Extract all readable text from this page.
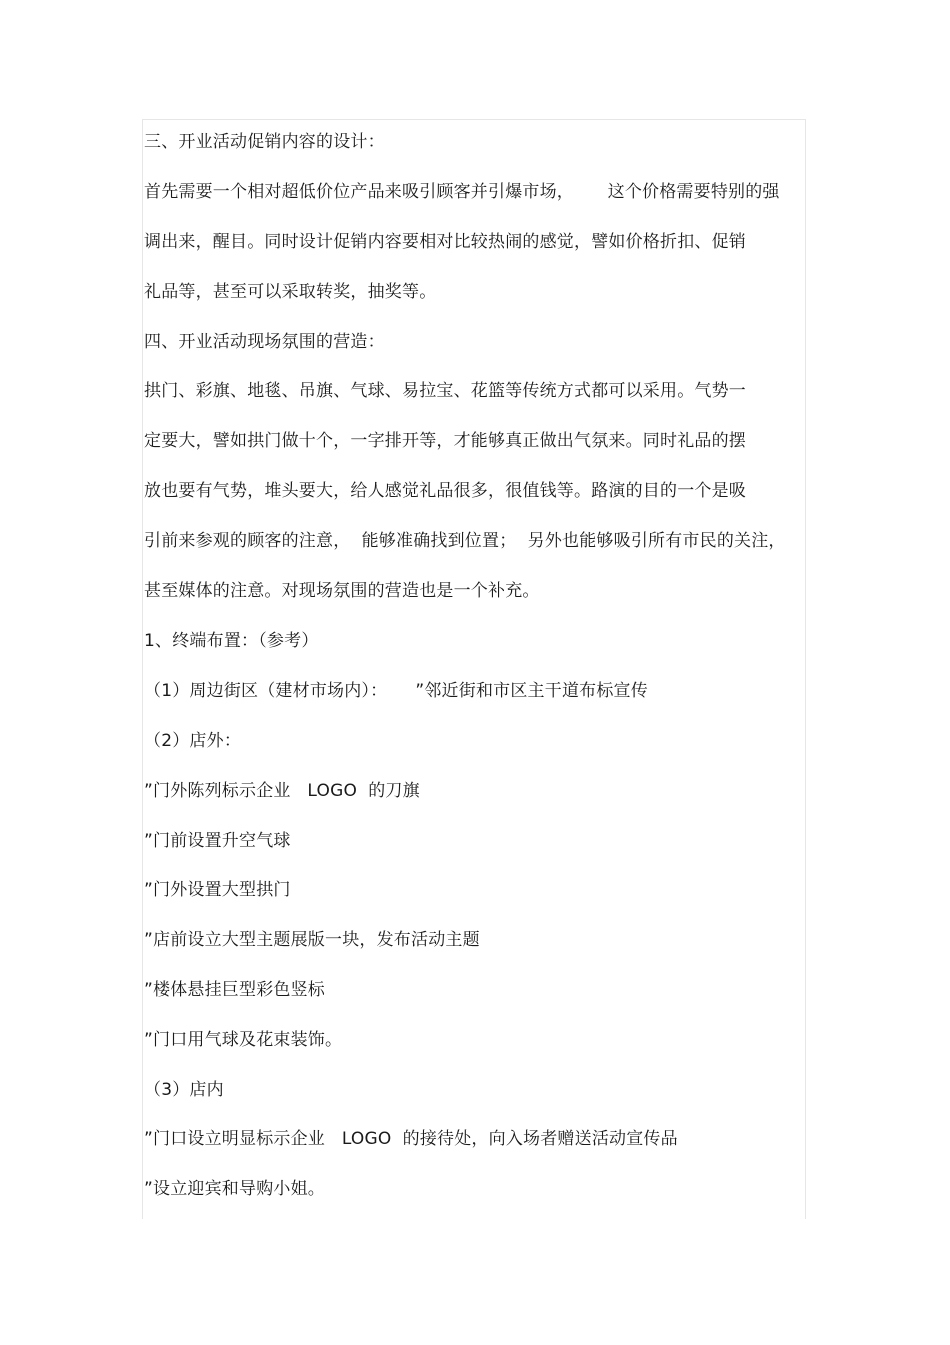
三、开业活动促销内容的设计：
首先需要一个相对超低价位产品来吸引顾客并引爆市场，      这个价格需要特别的强
调出来，醒目。同时设计促销内容要相对比较热闹的感觉，譬如价格折扣、促销
礼品等，甚至可以采取转奖，抽奖等。
四、开业活动现场氛围的营造：
拱门、彩旗、地毯、吊旗、气球、易拉宝、花篮等传统方式都可以采用。气势一
定要大，譬如拱门做十个，一字排开等，才能够真正做出气氛来。同时礼品的摆
放也要有气势，堆头要大，给人感觉礼品很多，很值钱等。路演的目的一个是吸
引前来参观的顾客的注意，  能够准确找到位置；  另外也能够吸引所有市民的关注，
甚至媒体的注意。对现场氛围的营造也是一个补充。
1、终端布置：（参考）
（1）周边街区（建材市场内）：     ”邻近街和市区主干道布标宣传
（2）店外：
”门外陈列标示企业   LOGO  的刀旗
”门前设置升空气球
”门外设置大型拱门
”店前设立大型主题展版一块，发布活动主题
”楼体悬挂巨型彩色竖标
”门口用气球及花束装饰。
（3）店内
”门口设立明显标示企业   LOGO  的接待处，向入场者赠送活动宣传品
”设立迎宾和导购小姐。
